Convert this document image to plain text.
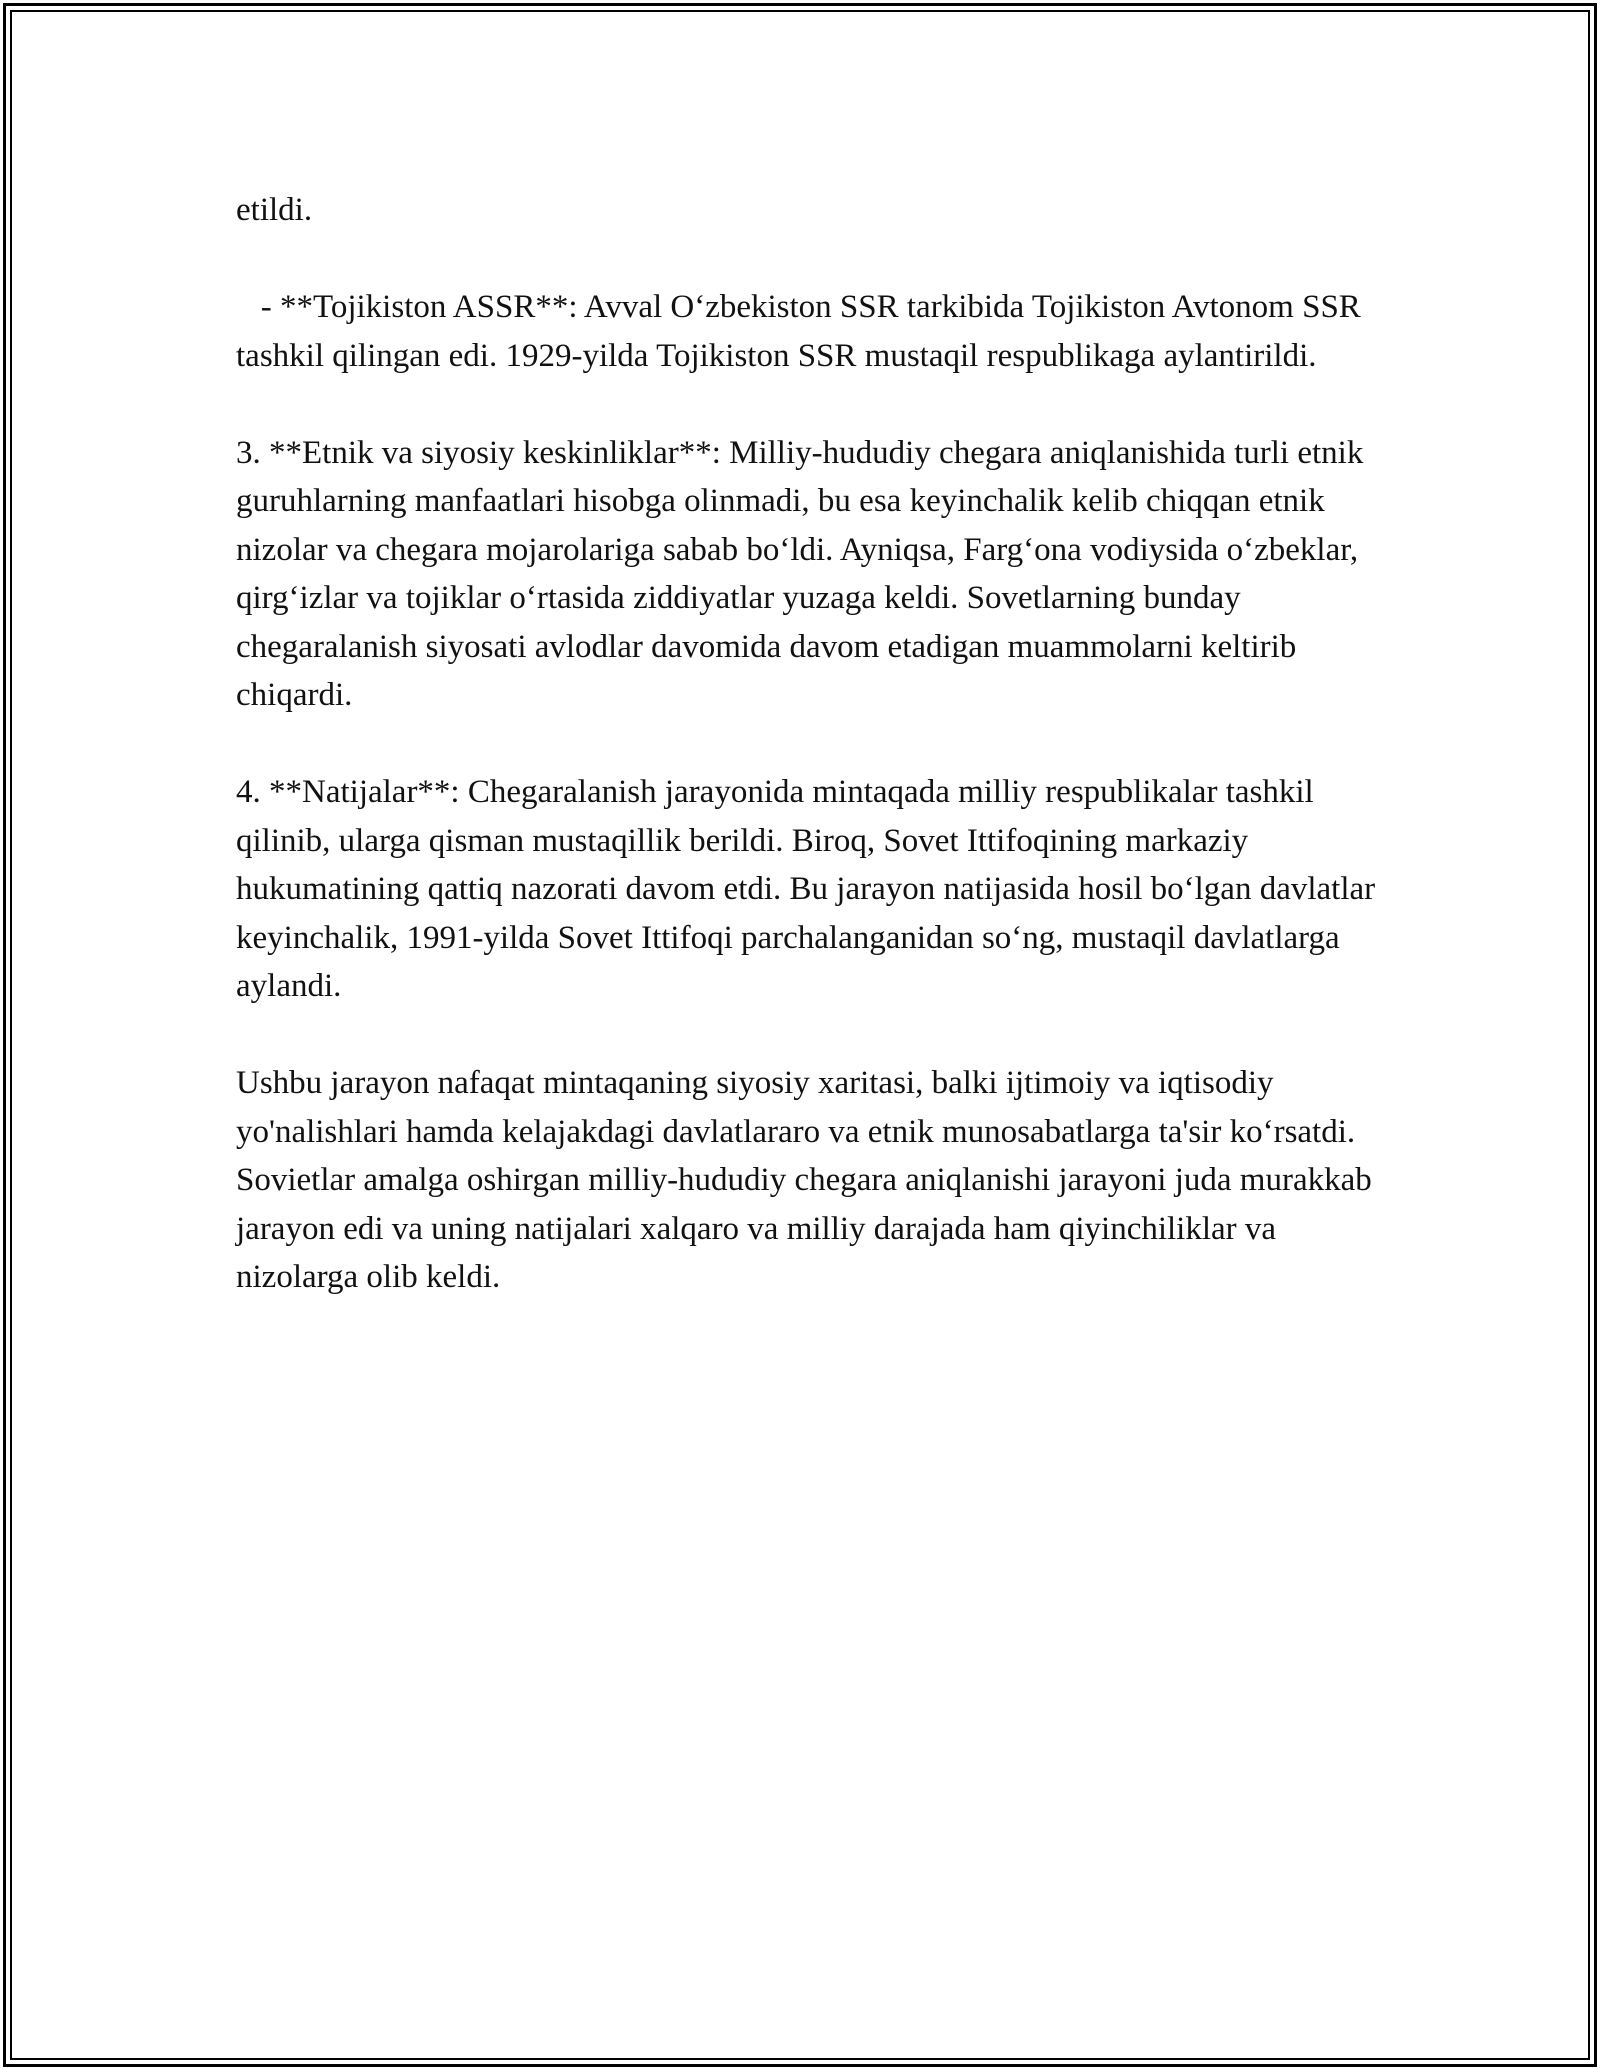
etildi.

- **Tojikiston ASSR**: Avval O‘zbekiston SSR tarkibida Tojikiston Avtonom SSR tashkil qilingan edi. 1929-yilda Tojikiston SSR mustaqil respublikaga aylantirildi.

3. **Etnik va siyosiy keskinliklar**: Milliy-hududiy chegara aniqlanishida turli etnik guruhlarning manfaatlari hisobga olinmadi, bu esa keyinchalik kelib chiqqan etnik nizolar va chegara mojarolariga sabab bo‘ldi. Ayniqsa, Farg‘ona vodiysida o‘zbeklar, qirg‘izlar va tojiklar o‘rtasida ziddiyatlar yuzaga keldi. Sovetlarning bunday chegaralanish siyosati avlodlar davomida davom etadigan muammolarni keltirib chiqardi.

4. **Natijalar**: Chegaralanish jarayonida mintaqada milliy respublikalar tashkil qilinib, ularga qisman mustaqillik berildi. Biroq, Sovet Ittifoqining markaziy hukumatining qattiq nazorati davom etdi. Bu jarayon natijasida hosil bo‘lgan davlatlar keyinchalik, 1991-yilda Sovet Ittifoqi parchalanganidan so‘ng, mustaqil davlatlarga aylandi.

Ushbu jarayon nafaqat mintaqaning siyosiy xaritasi, balki ijtimoiy va iqtisodiy yo'nalishlari hamda kelajakdagi davlatlararo va etnik munosabatlarga ta'sir ko‘rsatdi. Sovietlar amalga oshirgan milliy-hududiy chegara aniqlanishi jarayoni juda murakkab jarayon edi va uning natijalari xalqaro va milliy darajada ham qiyinchiliklar va nizolarga olib keldi.
